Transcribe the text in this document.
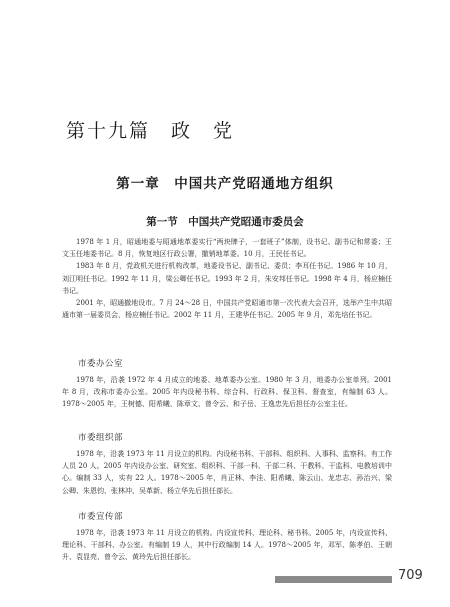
第十九篇　政　党
第一章　中国共产党昭通地方组织
第一节　中国共产党昭通市委员会

1978 年 1 月，昭通地委与昭通地革委实行“两块牌子，一套班子”体制，设书记、副书记和常委；王文玉任地委书记。8 月，恢复地区行政公署，撤销地革委。10 月，王民任书记。

1983 年 8 月，党政机关进行机构改革，地委设书记、副书记、委员；李耳任书记。1986 年 10 月，刘江明任书记。1992 年 11 月，梁公卿任书记。1993 年 2 月，朱安邦任书记。1998 年 4 月，杨应楠任书记。

2001 年，昭通撤地设市。7 月 24～28 日，中国共产党昭通市第一次代表大会召开，选举产生中共昭通市第一届委员会，杨应楠任书记。2002 年 11 月，王建华任书记。2005 年 9 月，邓先培任书记。

市委办公室

1978 年，沿袭 1972 年 4 月成立的地委、地革委办公室。1980 年 3 月，地委办公室单列。2001 年 8 月，改称市委办公室。2005 年内设秘书科、综合科、行政科、保卫科、督查室，有编制 63 人。1978～2005 年，王树德、阳希曦、陈章文、曾令云、和子岳、王逸忠先后担任办公室主任。

市委组织部

1978 年，沿袭 1973 年 11 月设立的机构。内设秘书科、干部科、组织科、人事科、监察科。有工作人员 20 人。2005 年内设办公室、研究室、组织科、干部一科、干部二科、干教科、干监科、电教培训中心。编制 33 人，实有 22 人。1978～2005 年，肖正林、李洼、阳希曦、陈云山、龙忠志、孙治兴、梁公卿、朱恩钧、张林冲、吴革新、杨立华先后担任部长。

市委宣传部

1978 年，沿袭 1973 年 11 月设立的机构。内设宣传科、理论科、秘书科。2005 年，内设宣传科、理论科、干部科、办公室。有编制 19 人，其中行政编制 14 人。1978～2005 年，邓军、陈孝伯、王朝升、袁显亮、曾令云、黄玲先后担任部长。

709
